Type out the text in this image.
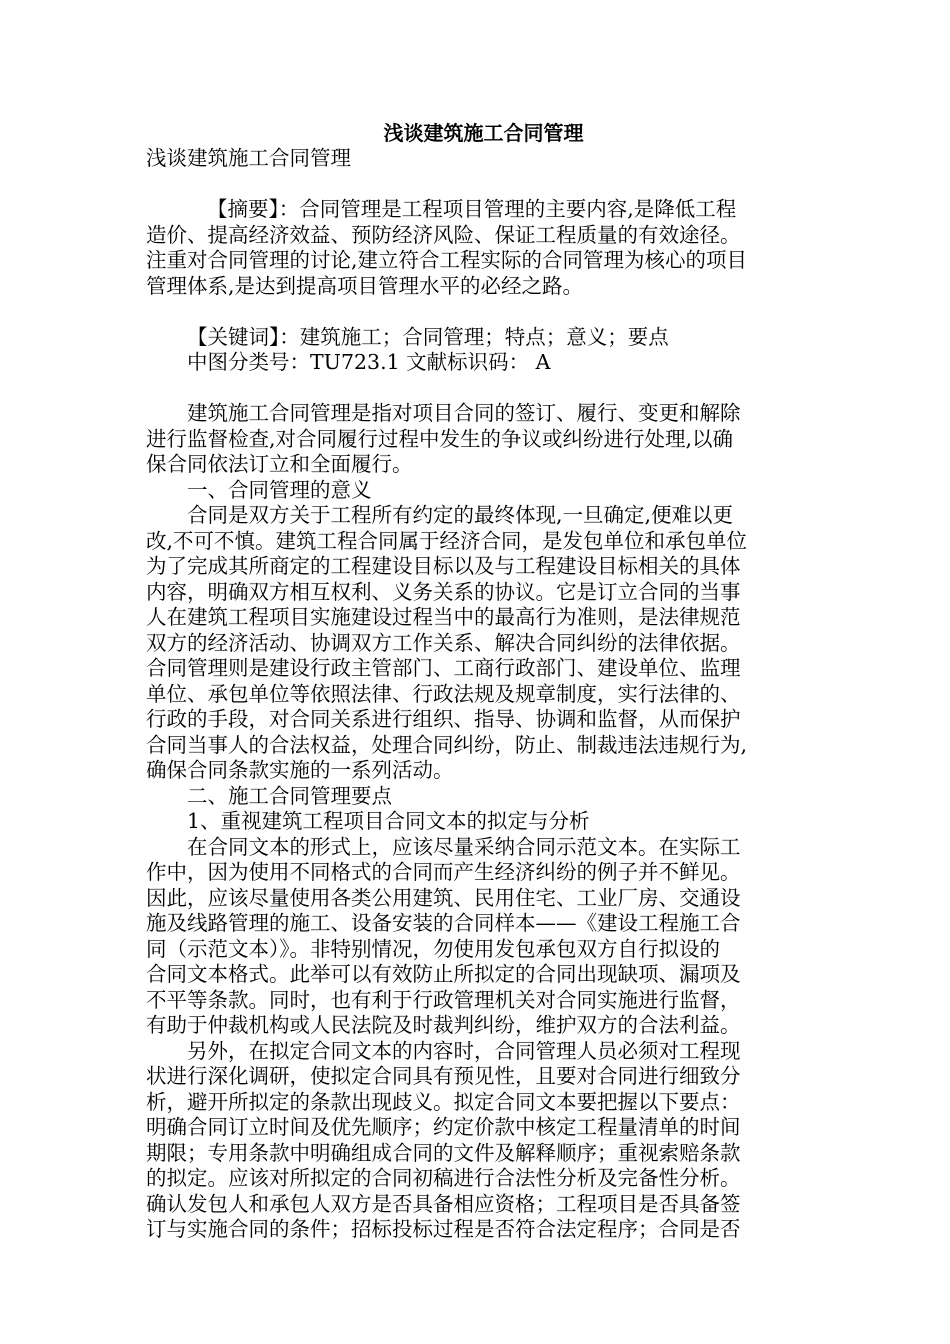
浅谈建筑施工合同管理
浅谈建筑施工合同管理
【摘要】：合同管理是工程项目管理的主要内容,是降低工程
造价、提高经济效益、预防经济风险、保证工程质量的有效途径。
注重对合同管理的讨论,建立符合工程实际的合同管理为核心的项目
管理体系,是达到提高项目管理水平的必经之路。
【关键词】：建筑施工；合同管理；特点；意义；要点
中图分类号：TU723.1 文献标识码： A
建筑施工合同管理是指对项目合同的签订、履行、变更和解除
进行监督检查,对合同履行过程中发生的争议或纠纷进行处理,以确
保合同依法订立和全面履行。
一、合同管理的意义
合同是双方关于工程所有约定的最终体现,一旦确定,便难以更
改,不可不慎。建筑工程合同属于经济合同，是发包单位和承包单位
为了完成其所商定的工程建设目标以及与工程建设目标相关的具体
内容，明确双方相互权利、义务关系的协议。它是订立合同的当事
人在建筑工程项目实施建设过程当中的最高行为准则，是法律规范
双方的经济活动、协调双方工作关系、解决合同纠纷的法律依据。
合同管理则是建设行政主管部门、工商行政部门、建设单位、监理
单位、承包单位等依照法律、行政法规及规章制度，实行法律的、
行政的手段，对合同关系进行组织、指导、协调和监督，从而保护
合同当事人的合法权益，处理合同纠纷，防止、制裁违法违规行为,
确保合同条款实施的一系列活动。
二、施工合同管理要点
1、重视建筑工程项目合同文本的拟定与分析
在合同文本的形式上，应该尽量采纳合同示范文本。在实际工
作中，因为使用不同格式的合同而产生经济纠纷的例子并不鲜见。
因此，应该尽量使用各类公用建筑、民用住宅、工业厂房、交通设
施及线路管理的施工、设备安装的合同样本——《建设工程施工合
同（示范文本）》。非特别情况，勿使用发包承包双方自行拟设的
合同文本格式。此举可以有效防止所拟定的合同出现缺项、漏项及
不平等条款。同时，也有利于行政管理机关对合同实施进行监督，
有助于仲裁机构或人民法院及时裁判纠纷，维护双方的合法利益。
另外，在拟定合同文本的内容时，合同管理人员必须对工程现
状进行深化调研，使拟定合同具有预见性，且要对合同进行细致分
析，避开所拟定的条款出现歧义。拟定合同文本要把握以下要点：
明确合同订立时间及优先顺序；约定价款中核定工程量清单的时间
期限；专用条款中明确组成合同的文件及解释顺序；重视索赔条款
的拟定。应该对所拟定的合同初稿进行合法性分析及完备性分析。
确认发包人和承包人双方是否具备相应资格；工程项目是否具备签
订与实施合同的条件；招标投标过程是否符合法定程序；合同是否
